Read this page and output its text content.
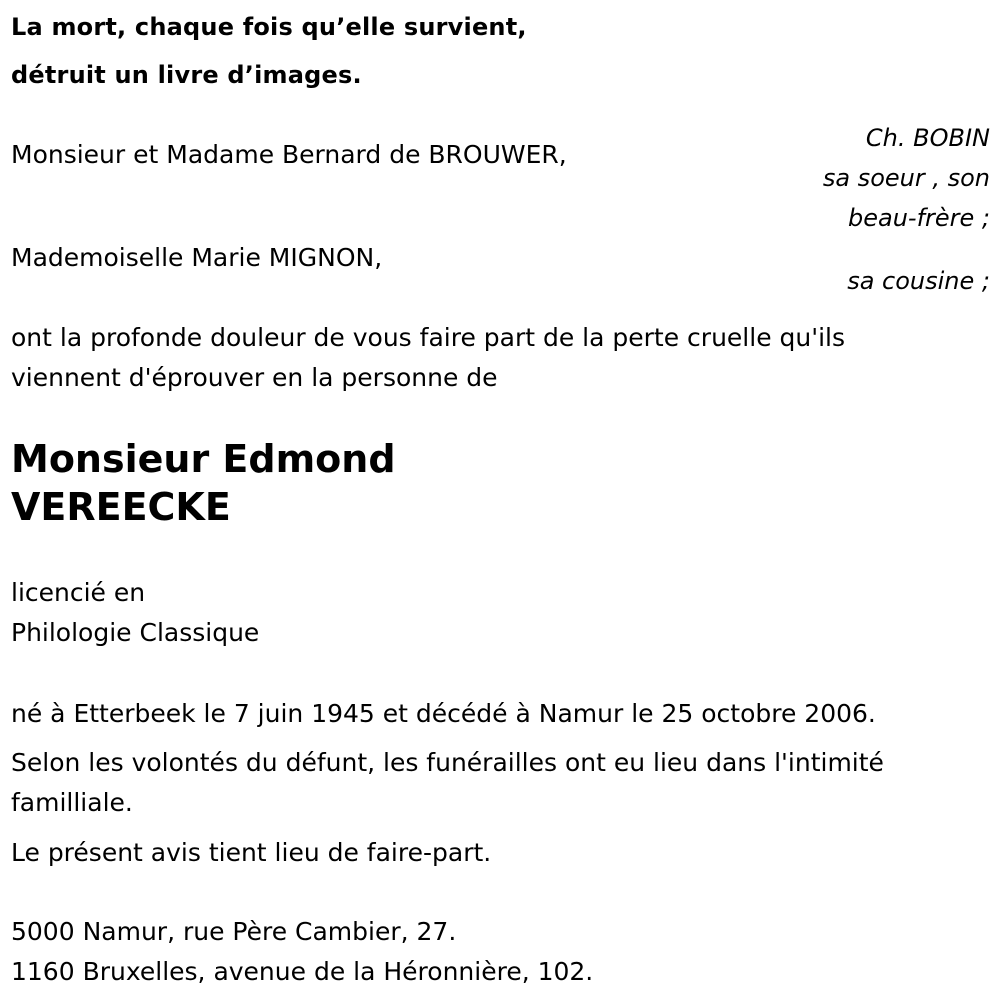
La mort, chaque fois qu’elle survient,
détruit un livre d’images.
Monsieur et Madame Bernard de BROUWER,
Ch. BOBIN
sa soeur , son
beau-frère ;
Mademoiselle Marie MIGNON,
sa cousine ;
ont la profonde douleur de vous faire part de la perte cruelle qu'ils
viennent d'éprouver en la personne de
Monsieur Edmond
VEREECKE
licencié en
Philologie Classique
né à Etterbeek le 7 juin 1945 et décédé à Namur le 25 octobre 2006.
Selon les volontés du défunt, les funérailles ont eu lieu dans l'intimité
familliale.
Le présent avis tient lieu de faire-part.
5000 Namur, rue Père Cambier, 27.
1160 Bruxelles, avenue de la Héronnière, 102.
